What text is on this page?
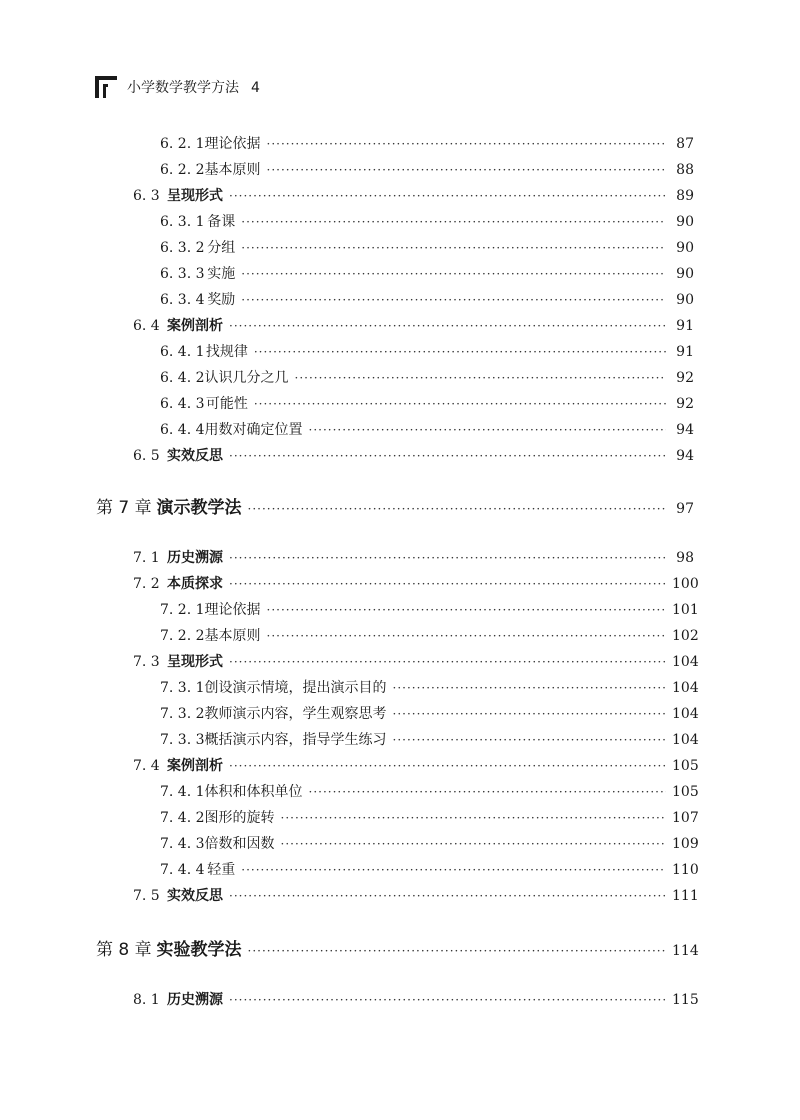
小学数学教学方法 4
6. 2. 1 理论依据 ·····	87
6. 2. 2 基本原则 ·····	88
6. 3 呈现形式 ·····	89
6. 3. 1 备课 ·····	90
6. 3. 2 分组 ·····	90
6. 3. 3 实施 ·····	90
6. 3. 4 奖励 ·····	90
6. 4 案例剖析 ·····	91
6. 4. 1 找规律 ·····	91
6. 4. 2 认识几分之几 ·····	92
6. 4. 3 可能性 ·····	92
6. 4. 4 用数对确定位置 ·····	94
6. 5 实效反思 ·····	94
第 7 章 演示教学法 ·····	97
7. 1 历史溯源 ·····	98
7. 2 本质探求 ·····	100
7. 2. 1 理论依据 ·····	101
7. 2. 2 基本原则 ·····	102
7. 3 呈现形式 ·····	104
7. 3. 1 创设演示情境，提出演示目的 ·····	104
7. 3. 2 教师演示内容，学生观察思考 ·····	104
7. 3. 3 概括演示内容，指导学生练习 ·····	104
7. 4 案例剖析 ·····	105
7. 4. 1 体积和体积单位 ·····	105
7. 4. 2 图形的旋转 ·····	107
7. 4. 3 倍数和因数 ·····	109
7. 4. 4 轻重 ·····	110
7. 5 实效反思 ·····	111
第 8 章 实验教学法 ·····	114
8. 1 历史溯源 ·····	115
